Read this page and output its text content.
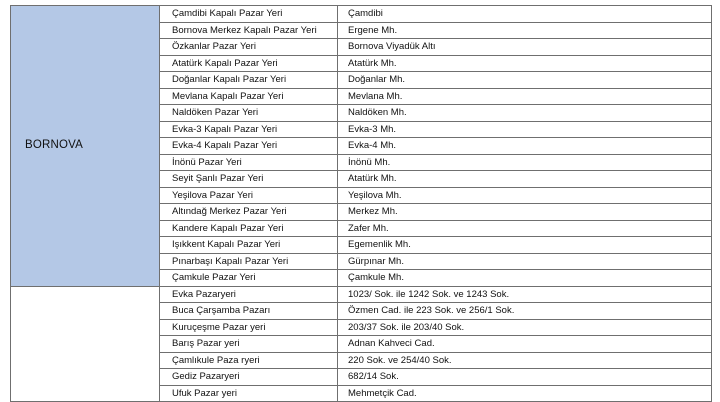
BORNOVA	Çamdibi Kapalı Pazar Yeri	Çamdibi
	Bornova Merkez Kapalı Pazar Yeri	Ergene Mh.
	Özkanlar Pazar Yeri	Bornova Viyadük Altı
	Atatürk Kapalı Pazar Yeri	Atatürk Mh.
	Doğanlar Kapalı Pazar Yeri	Doğanlar Mh.
	Mevlana Kapalı Pazar Yeri	Mevlana Mh.
	Naldöken Pazar Yeri	Naldöken Mh.
	Evka-3 Kapalı Pazar Yeri	Evka-3 Mh.
	Evka-4 Kapalı Pazar Yeri	Evka-4 Mh.
	İnönü Pazar Yeri	İnönü Mh.
	Seyit Şanlı Pazar Yeri	Atatürk Mh.
	Yeşilova Pazar Yeri	Yeşilova Mh.
	Altındağ Merkez Pazar Yeri	Merkez Mh.
	Kandere Kapalı Pazar Yeri	Zafer Mh.
	Işıkkent Kapalı Pazar Yeri	Egemenlik Mh.
	Pınarbaşı Kapalı Pazar Yeri	Gürpınar Mh.
	Çamkule Pazar Yeri	Çamkule Mh.
	Evka Pazaryeri	1023/ Sok. ile 1242 Sok. ve 1243 Sok.
	Buca Çarşamba Pazarı	Özmen Cad. ile 223 Sok. ve 256/1 Sok.
	Kuruçeşme Pazar yeri	203/37 Sok. ile 203/40 Sok.
	Barış Pazar yeri	Adnan Kahveci Cad.
	Çamlıkule Paza ryeri	220 Sok. ve 254/40 Sok.
	Gediz Pazaryeri	682/14 Sok.
	Ufuk Pazar yeri	Mehmetçik Cad.
